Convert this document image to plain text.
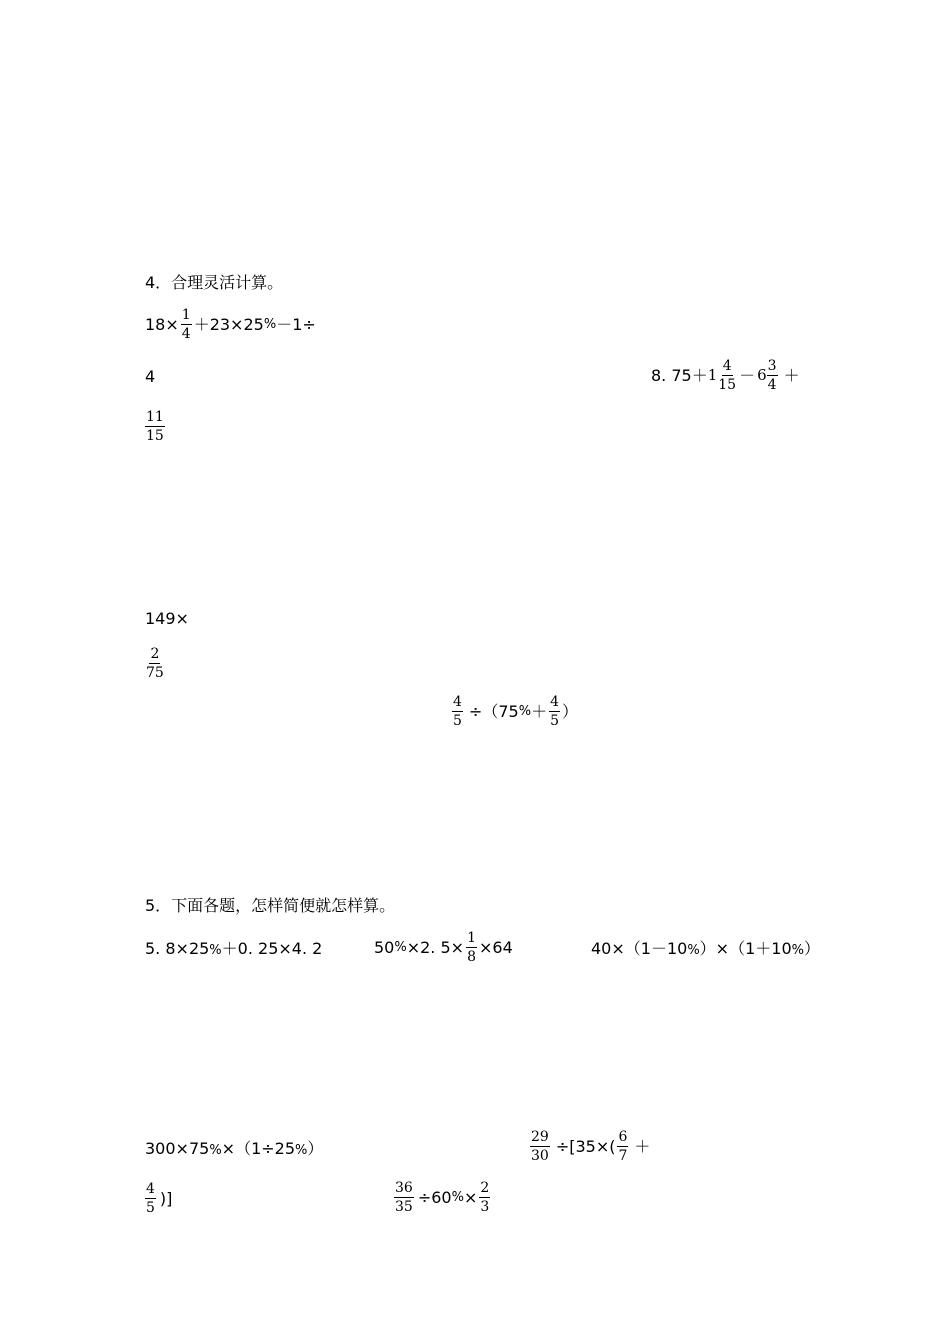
4．合理灵活计算。
$18\times \frac{1}{4} +23\times 25$ % －1÷
4	8. $75+ 1 \frac{4}{15} - 6 \frac{3}{4}$ ＋
$\frac{11}{15}$
149×
$\frac{2}{75}$
$\frac{4}{5} \div(75$ % ＋ $\frac{4}{5}$ ）
5．下面各题，怎样简便就怎样算。
5. 8×25%＋0. 25×4. 2	50 % ×2. $5\times \frac{1}{8} \times 64$	40×（1－10%）×（1＋10%）
300×75%×（1÷25%）	$\frac{29}{30} \div[35\times( \frac{6}{7}$ ＋
$\frac{4}{5}$ )]	$\frac{36}{35} \div 60$ % × $\frac{2}{3}$
